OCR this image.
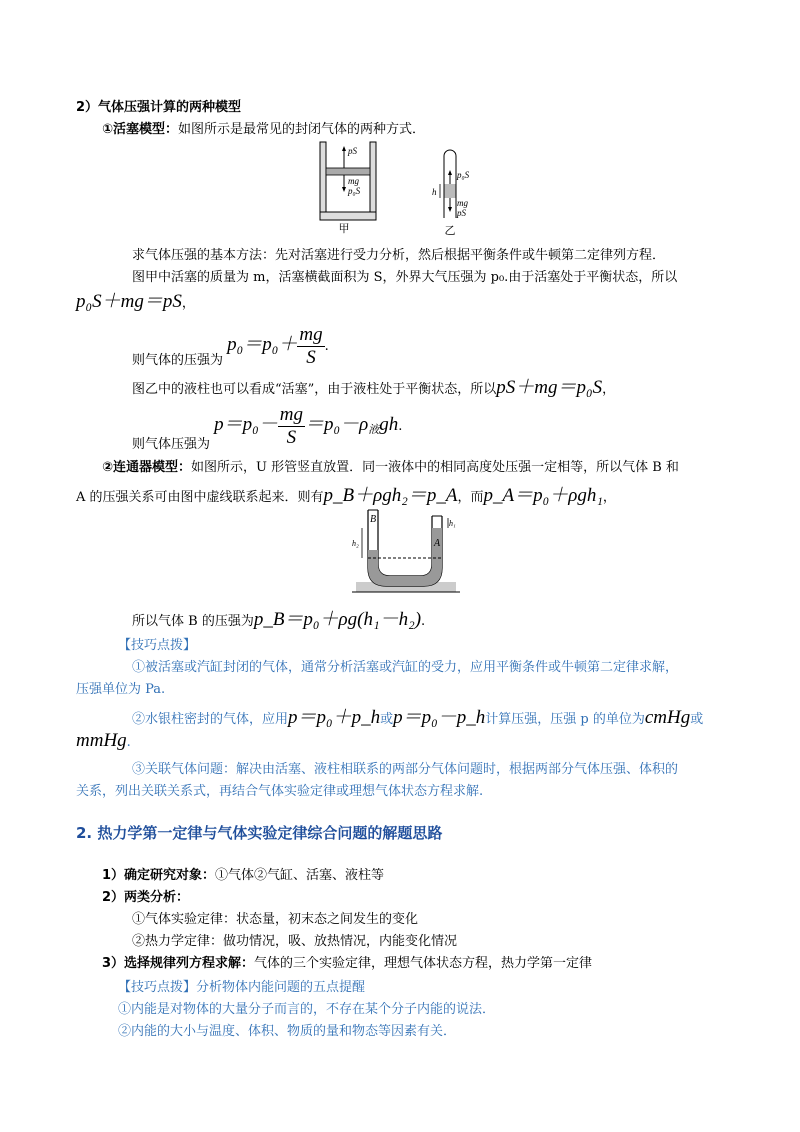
2）气体压强计算的两种模型
①活塞模型：如图所示是最常见的封闭气体的两种方式．
pS
mg
p₀S
甲
h
p₀S
mg
pS
乙
求气体压强的基本方法：先对活塞进行受力分析，然后根据平衡条件或牛顿第二定律列方程．
图甲中活塞的质量为 m，活塞横截面积为 S，外界大气压强为 p₀.由于活塞处于平衡状态，所以
p₀S＋mg＝pS，
则气体的压强为 $p_0=p_0+ \frac{mg}{S}$ .
图乙中的液柱也可以看成“活塞”，由于液柱处于平衡状态，所以pS＋mg＝p₀S，
则气体压强为 $p=p_0- \frac{mg}{S} =p_0-\rho_液gh$.
②连通器模型：如图所示，U 形管竖直放置．同一液体中的相同高度处压强一定相等，所以气体 B 和
A 的压强关系可由图中虚线联系起来．则有p_B＋ρgh₂＝p_A，而p_A＝p₀＋ρgh₁，
B
A
h₂
h₁
所以气体 B 的压强为p_B＝p₀＋ρg(h₁－h₂).
【技巧点拨】
①被活塞或汽缸封闭的气体，通常分析活塞或汽缸的受力，应用平衡条件或牛顿第二定律求解，
压强单位为 Pa.
②水银柱密封的气体，应用p＝p₀＋p_h或p＝p₀－p_h计算压强，压强 p 的单位为cmHg或
mmHg.
③关联气体问题：解决由活塞、液柱相联系的两部分气体问题时，根据两部分气体压强、体积的
关系，列出关联关系式，再结合气体实验定律或理想气体状态方程求解.
2. 热力学第一定律与气体实验定律综合问题的解题思路
1）确定研究对象：①气体②气缸、活塞、液柱等
2）两类分析：
①气体实验定律：状态量，初末态之间发生的变化
②热力学定律：做功情况，吸、放热情况，内能变化情况
3）选择规律列方程求解：气体的三个实验定律，理想气体状态方程，热力学第一定律
【技巧点拨】分析物体内能问题的五点提醒
①内能是对物体的大量分子而言的，不存在某个分子内能的说法．
②内能的大小与温度、体积、物质的量和物态等因素有关．
